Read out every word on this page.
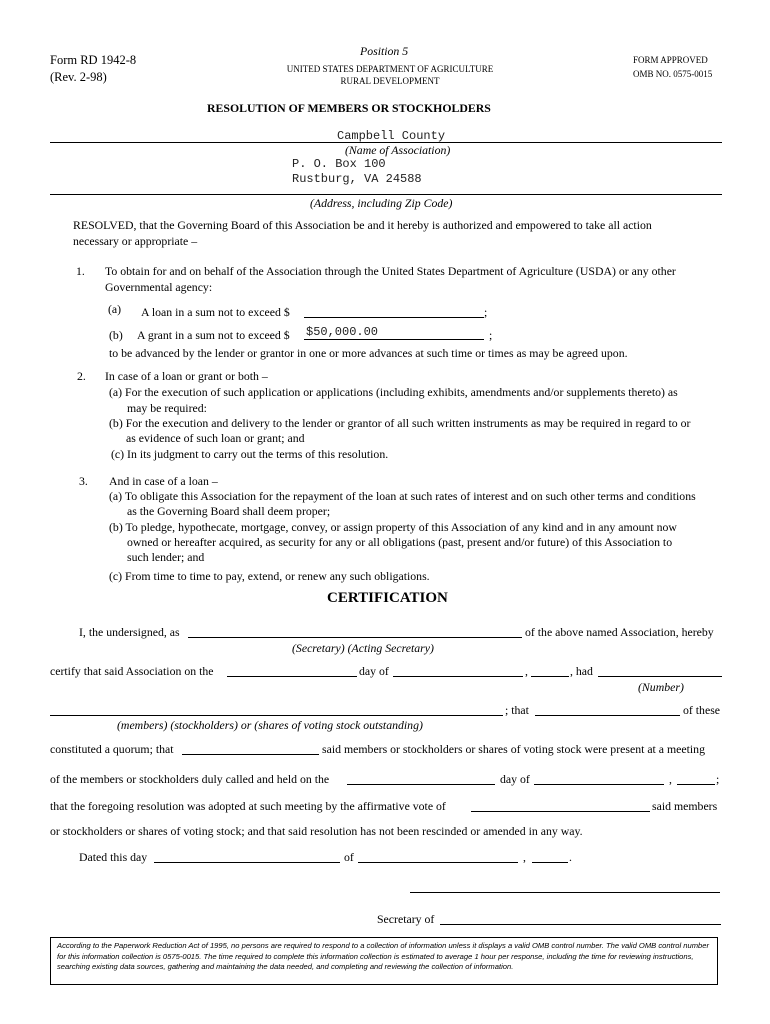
Form RD 1942-8
(Rev. 2-98)
Position 5
UNITED STATES DEPARTMENT OF AGRICULTURE
RURAL DEVELOPMENT
FORM APPROVED
OMB NO. 0575-0015
RESOLUTION OF MEMBERS OR STOCKHOLDERS
Campbell County
(Name of Association)
P. O. Box 100
Rustburg, VA 24588
(Address, including Zip Code)
RESOLVED, that the Governing Board of this Association be and it hereby is authorized and empowered to take all action
necessary or appropriate –
1. To obtain for and on behalf of the Association through the United States Department of Agriculture (USDA) or any other
Governmental agency:
(a) A loan in a sum not to exceed $	;
(b) A grant in a sum not to exceed $ $50,000.00	;
to be advanced by the lender or grantor in one or more advances at such time or times as may be agreed upon.
2. In case of a loan or grant or both –
(a) For the execution of such application or applications (including exhibits, amendments and/or supplements thereto) as
may be required:
(b) For the execution and delivery to the lender or grantor of all such written instruments as may be required in regard to or
as evidence of such loan or grant; and
(c) In its judgment to carry out the terms of this resolution.
3. And in case of a loan –
(a) To obligate this Association for the repayment of the loan at such rates of interest and on such other terms and conditions
as the Governing Board shall deem proper;
(b) To pledge, hypothecate, mortgage, convey, or assign property of this Association of any kind and in any amount now
owned or hereafter acquired, as security for any or all obligations (past, present and/or future) of this Association to
such lender; and
(c) From time to time to pay, extend, or renew any such obligations.
CERTIFICATION
I, the undersigned, as	of the above named Association, hereby
(Secretary) (Acting Secretary)
certify that said Association on the	day of	,	, had
(Number)
; that	of these
(members) (stockholders) or (shares of voting stock outstanding)
constituted a quorum; that	said members or stockholders or shares of voting stock were present at a meeting
of the members or stockholders duly called and held on the	day of	,	;
that the foregoing resolution was adopted at such meeting by the affirmative vote of	said members
or stockholders or shares of voting stock; and that said resolution has not been rescinded or amended in any way.
Dated this day	of	,	.
Secretary of
According to the Paperwork Reduction Act of 1995, no persons are required to respond to a collection of information unless it displays a valid OMB control number. The valid OMB control number for this information collection is 0575-0015. The time required to complete this information collection is estimated to average 1 hour per response, including the time for reviewing instructions, searching existing data sources, gathering and maintaining the data needed, and completing and reviewing the collection of information.
